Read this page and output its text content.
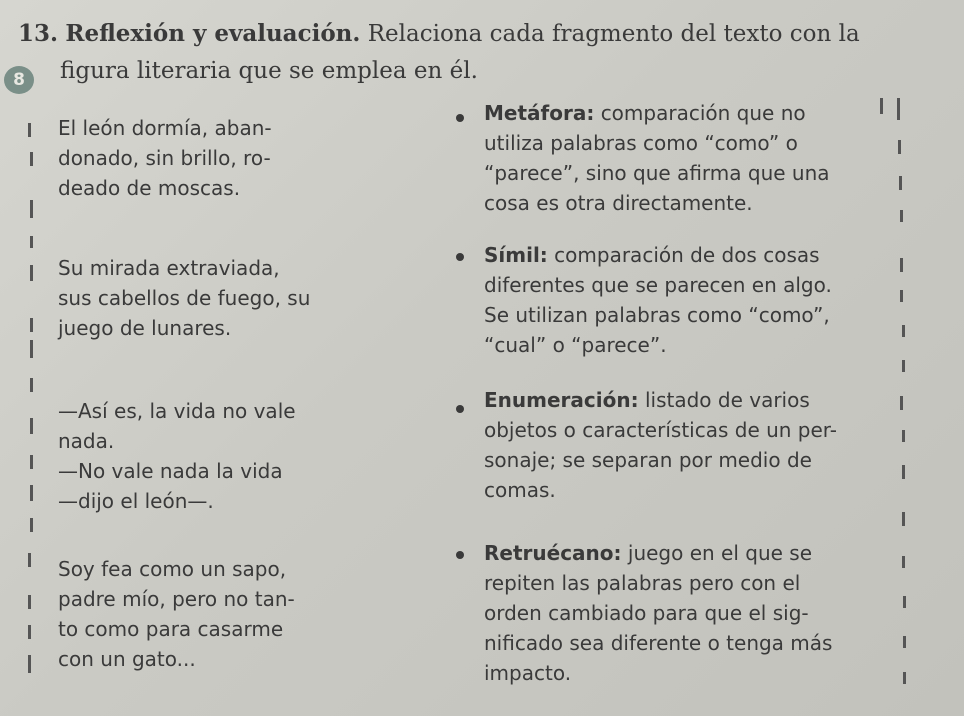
13. Reflexión y evaluación. Relaciona cada fragmento del texto con la
8	figura literaria que se emplea en él.
El león dormía, aban-
donado, sin brillo, ro-
deado de moscas.
Su mirada extraviada,
sus cabellos de fuego, su
juego de lunares.
—Así es, la vida no vale
nada.
—No vale nada la vida
—dijo el león—.
Soy fea como un sapo,
padre mío, pero no tan-
to como para casarme
con un gato...
Metáfora: comparación que no
utiliza palabras como “como” o
“parece”, sino que afirma que una
cosa es otra directamente.
Símil: comparación de dos cosas
diferentes que se parecen en algo.
Se utilizan palabras como “como”,
“cual” o “parece”.
Enumeración: listado de varios
objetos o características de un per-
sonaje; se separan por medio de
comas.
Retruécano: juego en el que se
repiten las palabras pero con el
orden cambiado para que el sig-
nificado sea diferente o tenga más
impacto.
